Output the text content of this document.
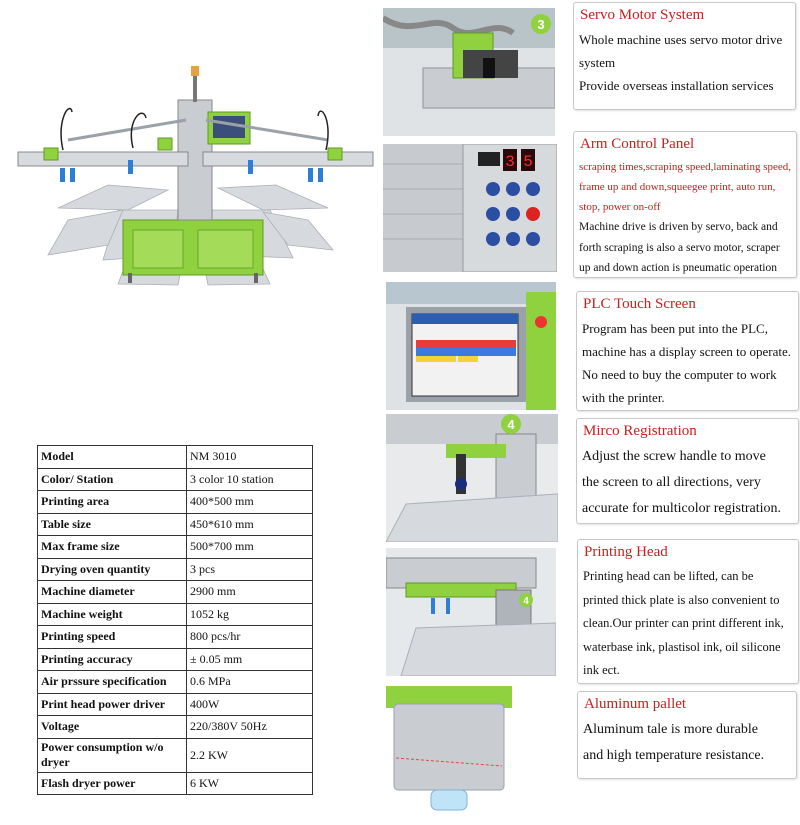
Model	NM 3010
Color/ Station	3 color 10 station
Printing area	400*500 mm
Table size	450*610 mm
Max frame size	500*700 mm
Drying oven quantity	3 pcs
Machine diameter	2900 mm
Machine weight	1052 kg
Printing speed	800 pcs/hr
Printing accuracy	± 0.05 mm
Air prssure specification	0.6 MPa
Print head power driver	400W
Voltage	220/380V 50Hz
Power consumption w/o dryer	2.2 KW
Flash dryer power	6 KW
3
3 5
4
4
Servo Motor System
Whole machine uses servo motor drive
system
Provide overseas installation services
Arm Control Panel
scraping times,scraping speed,laminating speed,
frame up and down,squeegee print, auto run,
stop, power on-off
Machine drive is driven by servo, back and
forth scraping is also a servo motor, scraper
up and down action is pneumatic operation
PLC Touch Screen
Program has been put into the PLC,
machine has a display screen to operate.
No need to buy the computer to work
with the printer.
Mirco Registration
Adjust the screw handle to move
the screen to all directions, very
accurate for multicolor registration.
Printing Head
Printing head can be lifted, can be
printed thick plate is also convenient to
clean.Our printer can print different ink,
waterbase ink, plastisol ink, oil silicone
ink ect.
Aluminum pallet
Aluminum tale is more durable
and high temperature resistance.
